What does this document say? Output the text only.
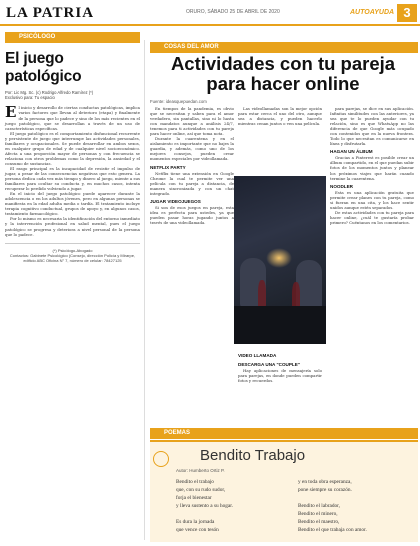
LA PATRIA	ORURO, SÁBADO 25 DE ABRIL DE 2020	AUTOAYUDA 3
PSICÓLOGO
El juego patológico
Por: Lic Mg. Sc. (c) Rodrigo Alfredo Ramírez (*)
Exclusivo para: Tu espacio

El inicio y desarrollo de ciertas conductas patológicas, implica varios factores que llevan al deterioro (etapa) y finalmente de la persona que lo padece y sino de los más recientes en el juego patológico, que se desarrollan a través de un uso de características específicas.

El juego patológico es el comportamiento disfuncional recurrente y persistente de juego que interrumpe las actividades personales, familiares y ocupacionales. Se puede desarrollar en ambos sexos, en cualquier grupo de edad y de cualquier nivel socioeconómico. Afecta a una proporción mayor de personas y con frecuencia se relaciona con otros problemas como la depresión, la ansiedad y el consumo de sustancias.

El rasgo principal es la incapacidad de resistir el impulso de jugar, a pesar de las consecuencias negativas que esto genera. La persona dedica cada vez más tiempo y dinero al juego, miente a sus familiares para ocultar su conducta y, en muchos casos, intenta recuperar lo perdido volviendo a jugar.

En el inicio del juego patológico puede aparecer durante la adolescencia o en los adultos jóvenes, pero en algunas personas se manifiesta en la edad adulta media o tardía. El tratamiento incluye terapia cognitivo conductual, grupos de apoyo y, en algunos casos, tratamiento farmacológico.

Por lo mismo es necesaria la identificación del entorno inmediato y la intervención profesional en salud mental, pues el juego patológico se progresa y deteriora a nivel personal de la persona que lo padece.

(*) Psicólogo-Abogado
Contactos: Gabinete Psicológico (Consejo, dirección Policía y Mirarpe, edificio ABC Oficina N° 7, número de celular: 78427125
COSAS DEL AMOR
Actividades con tu pareja para hacer online
Fuente: ideasquepuedan.com

En tiempos de la pandemia, es obvio que se necesitan y saben para el amor verdadero, sin pantallas, sino ni lo hasta con mandatos aunque a análisis 24/7, tenemos para ti actividades con tu pareja para hacer online, así que toma nota.

Durante la cuarentena y en el aislamiento es importante que no bajes la guardia, y además, como uno de los mejores consejos, pueden crear momentos especiales por videollamada.

NETFLIX PARTY

Netflix tiene una extensión en Google Chrome la cual te permite ver una película con tu pareja a distancia, de manera sincronizada y con un chat integrado.

JUGAR VIDEOJUEGOS

Si son de esos juegos en pareja, esta idea es perfecta para ustedes, ya que pueden pasar horas jugando juntos a través de una videollamada.

Las videollamadas son la mejor opción para estar cerca el uno del otro, aunque sea a distancia, y pueden hacerlo mientras cenan juntos o ven una película.

VIDEO LLAMADA
DESCARGA UNA "COUPLE"

Hay aplicaciones de mensajería solo para parejas, en donde pueden compartir fotos y recuerdos.

para parejas, se dice en sus aplicación. Infinitas similitudes con las anteriores, ya sea que te lo pueden ayudar con tu relación, sino es que WhatsApp no las diferencia de que Google más ocupado con contenidos que en la nueva frontera. Todo lo que necesitan es comunicarse en línea y disfrutarla.

HAGAN UN ÁLBUM

Gracias a Pinterest es posible crear un álbum compartido, en el que puedan subir fotos de los momentos juntos y planear los próximos viajes que harán cuando termine la cuarentena.

NOODLER

Esta es una aplicación gratuita que permite crear planes con tu pareja, como si fueran en una cita, y los hace sentir unidos aunque estén separados.

De estas actividades con tu pareja para hacer online, ¿cuál te gustaría probar primero? Cuéntanos en los comentarios.

POEMAS
Bendito Trabajo
Autor: Humberto Ortiz P.
Bendito el trabajo
que, con su rudo sudor,
forja el bienestar
y lleva sustento a su hogar.

Es dura la jornada
que vence con tesón
y en toda obra esperanza,
pone siempre su corazón.

Bendito el labrador,
Bendito el minero,
Bendito el maestro,
Bendito el que trabaja con amor.
